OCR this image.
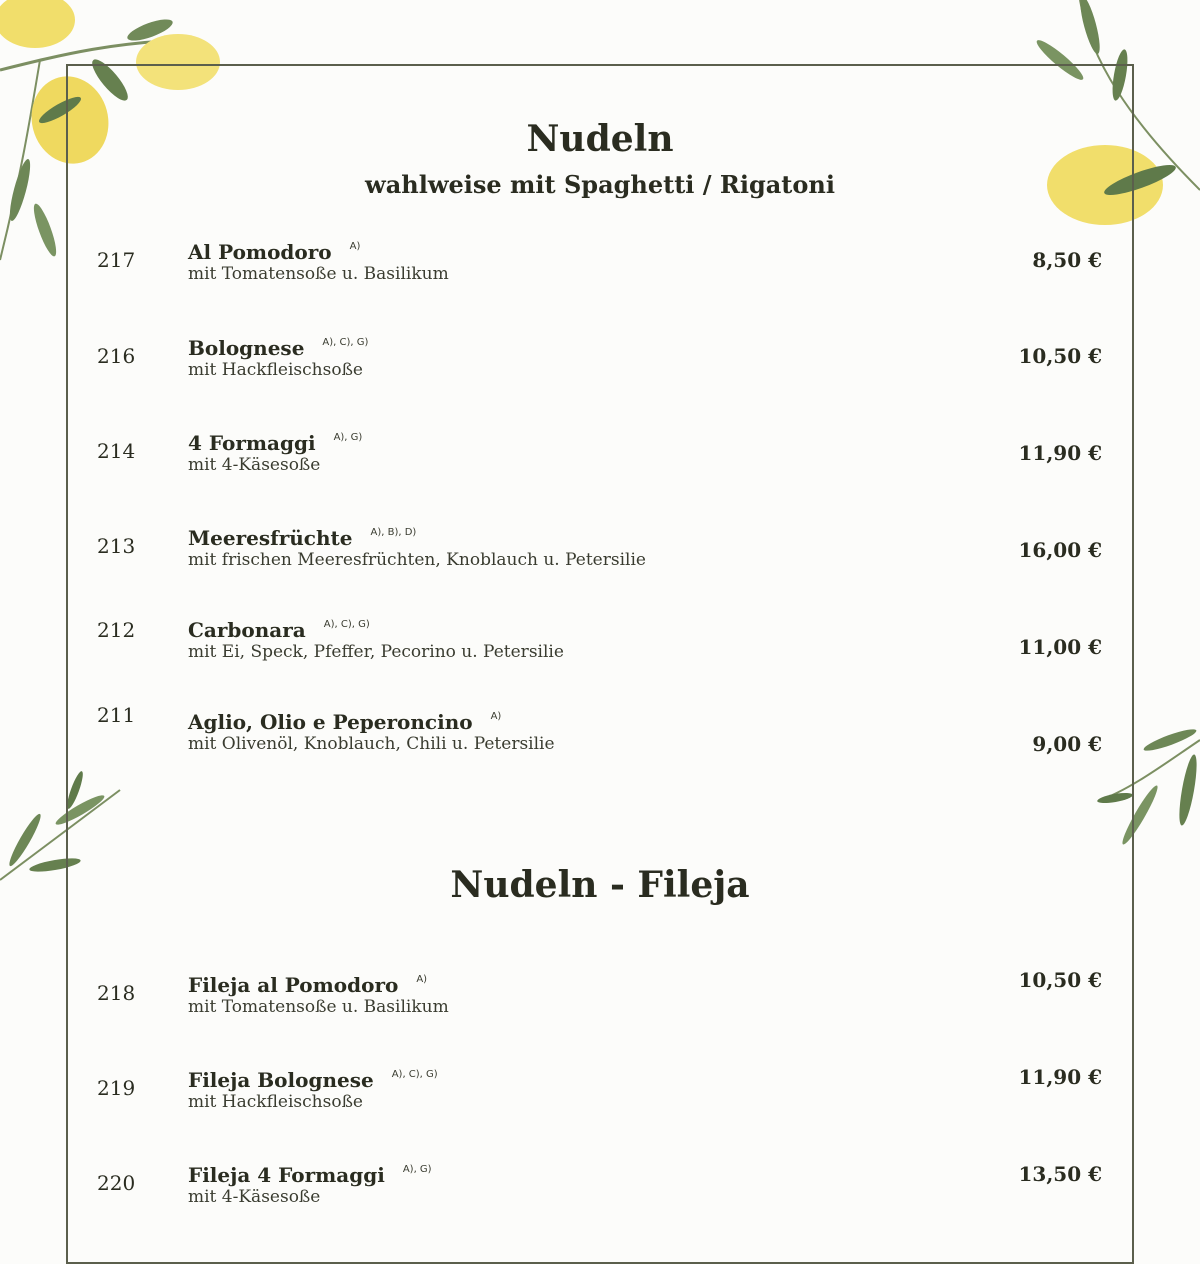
Nudeln
wahlweise mit Spaghetti / Rigatoni
217	Al Pomodoro $^{A)}$
mit Tomatensoße u. Basilikum
8,50 €
216	Bolognese $^{A), C), G)}$
mit Hackfleischsoße
10,50 €
214	4 Formaggi $^{A), G)}$
mit 4-Käsesoße	11,90 €
213	Meeresfrüchte $^{A), B), D)}$
mit frischen Meeresfrüchten, Knoblauch u. Petersilie	16,00 €
212	Carbonara $^{A), C), G)}$
mit Ei, Speck, Pfeffer, Pecorino u. Petersilie	11,00 €
211	Aglio, Olio e Peperoncino $^{A)}$
mit Olivenöl, Knoblauch, Chili u. Petersilie	9,00 €
Nudeln - Fileja
218	Fileja al Pomodoro $^{A)}$
mit Tomatensoße u. Basilikum
10,50 €
219	Fileja Bolognese $^{A), C), G)}$
mit Hackfleischsoße
11,90 €
220	Fileja 4 Formaggi $^{A), G)}$
mit 4-Käsesoße
13,50 €
